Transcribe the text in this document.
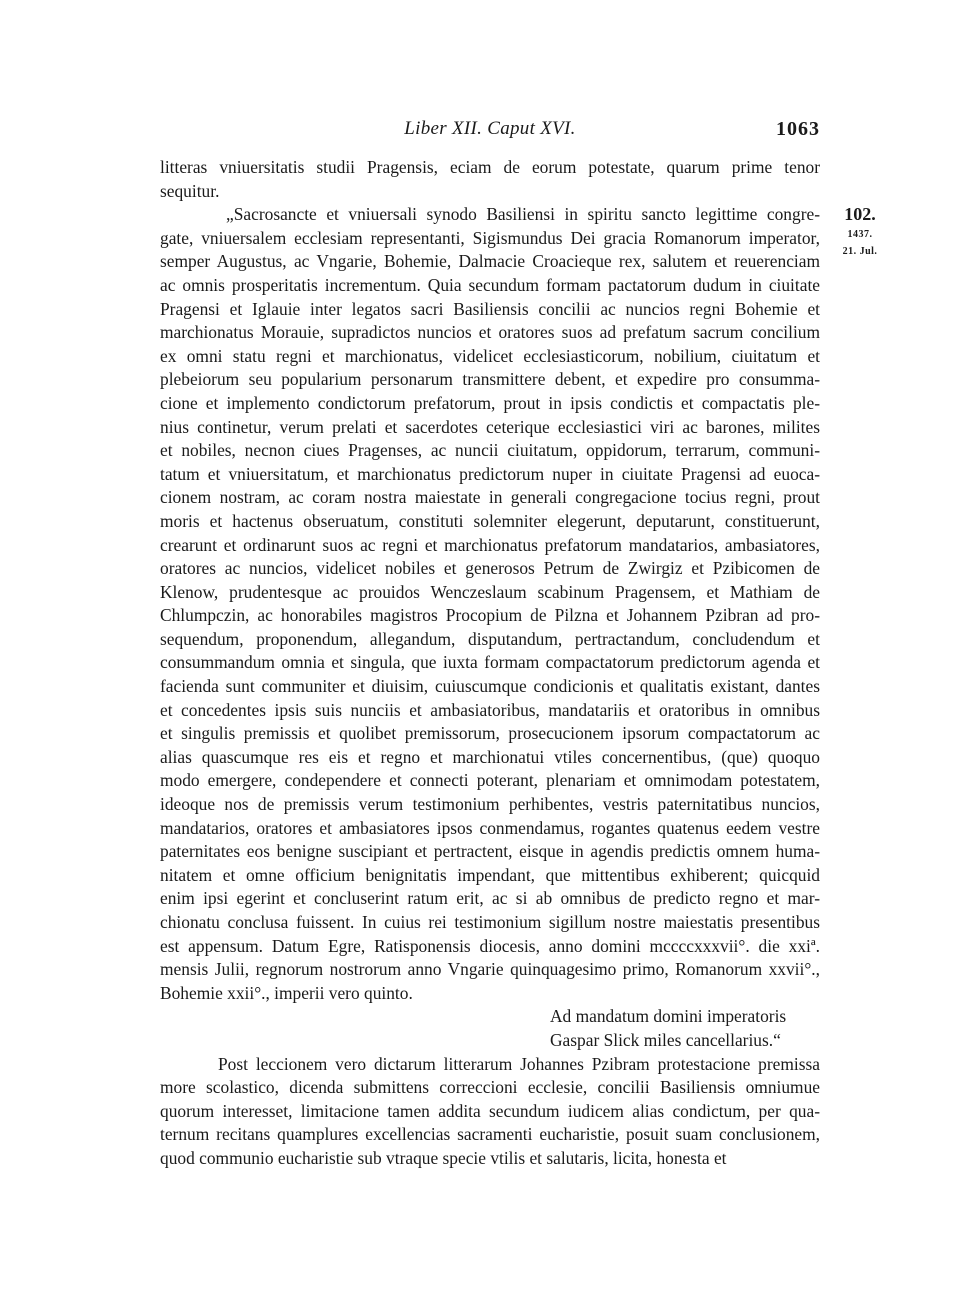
Liber XII. Caput XVI.	1063
102.
1437.
21. Jul.
litteras vniuersitatis studii Pragensis, eciam de eorum potestate, quarum prime tenor
sequitur.
„Sacrosancte et vniuersali synodo Basiliensi in spiritu sancto legittime congre-
gate, vniuersalem ecclesiam representanti, Sigismundus Dei gracia Romanorum imperator,
semper Augustus, ac Vngarie, Bohemie, Dalmacie Croacieque rex, salutem et reuerenciam
ac omnis prosperitatis incrementum. Quia secundum formam pactatorum dudum in ciuitate
Pragensi et Iglauie inter legatos sacri Basiliensis concilii ac nuncios regni Bohemie et
marchionatus Morauie, supradictos nuncios et oratores suos ad prefatum sacrum concilium
ex omni statu regni et marchionatus, videlicet ecclesiasticorum, nobilium, ciuitatum et
plebeiorum seu popularium personarum transmittere debent, et expedire pro consumma-
cione et implemento condictorum prefatorum, prout in ipsis condictis et compactatis ple-
nius continetur, verum prelati et sacerdotes ceterique ecclesiastici viri ac barones, milites
et nobiles, necnon ciues Pragenses, ac nuncii ciuitatum, oppidorum, terrarum, communi-
tatum et vniuersitatum, et marchionatus predictorum nuper in ciuitate Pragensi ad euoca-
cionem nostram, ac coram nostra maiestate in generali congregacione tocius regni, prout
moris et hactenus obseruatum, constituti solemniter elegerunt, deputarunt, constituerunt,
crearunt et ordinarunt suos ac regni et marchionatus prefatorum mandatarios, ambasiatores,
oratores ac nuncios, videlicet nobiles et generosos Petrum de Zwirgiz et Pzibicomen de
Klenow, prudentesque ac prouidos Wenczeslaum scabinum Pragensem, et Mathiam de
Chlumpczin, ac honorabiles magistros Procopium de Pilzna et Johannem Pzibran ad pro-
sequendum, proponendum, allegandum, disputandum, pertractandum, concludendum et
consummandum omnia et singula, que iuxta formam compactatorum predictorum agenda et
facienda sunt communiter et diuisim, cuiuscumque condicionis et qualitatis existant, dantes
et concedentes ipsis suis nunciis et ambasiatoribus, mandatariis et oratoribus in omnibus
et singulis premissis et quolibet premissorum, prosecucionem ipsorum compactatorum ac
alias quascumque res eis et regno et marchionatui vtiles concernentibus, (que) quoquo
modo emergere, condependere et connecti poterant, plenariam et omnimodam potestatem,
ideoque nos de premissis verum testimonium perhibentes, vestris paternitatibus nuncios,
mandatarios, oratores et ambasiatores ipsos conmendamus, rogantes quatenus eedem vestre
paternitates eos benigne suscipiant et pertractent, eisque in agendis predictis omnem huma-
nitatem et omne officium benignitatis impendant, que mittentibus exhiberent; quicquid
enim ipsi egerint et concluserint ratum erit, ac si ab omnibus de predicto regno et mar-
chionatu conclusa fuissent. In cuius rei testimonium sigillum nostre maiestatis presentibus
est appensum. Datum Egre, Ratisponensis diocesis, anno domini mccccxxxvii°. die xxiª.
mensis Julii, regnorum nostrorum anno Vngarie quinquagesimo primo, Romanorum xxvii°.,
Bohemie xxii°., imperii vero quinto.
Ad mandatum domini imperatoris
Gaspar Slick miles cancellarius.“
Post leccionem vero dictarum litterarum Johannes Pzibram protestacione premissa
more scolastico, dicenda submittens correccioni ecclesie, concilii Basiliensis omniumue
quorum interesset, limitacione tamen addita secundum iudicem alias condictum, per qua-
ternum recitans quamplures excellencias sacramenti eucharistie, posuit suam conclusionem,
quod communio eucharistie sub vtraque specie vtilis et salutaris, licita, honesta et
